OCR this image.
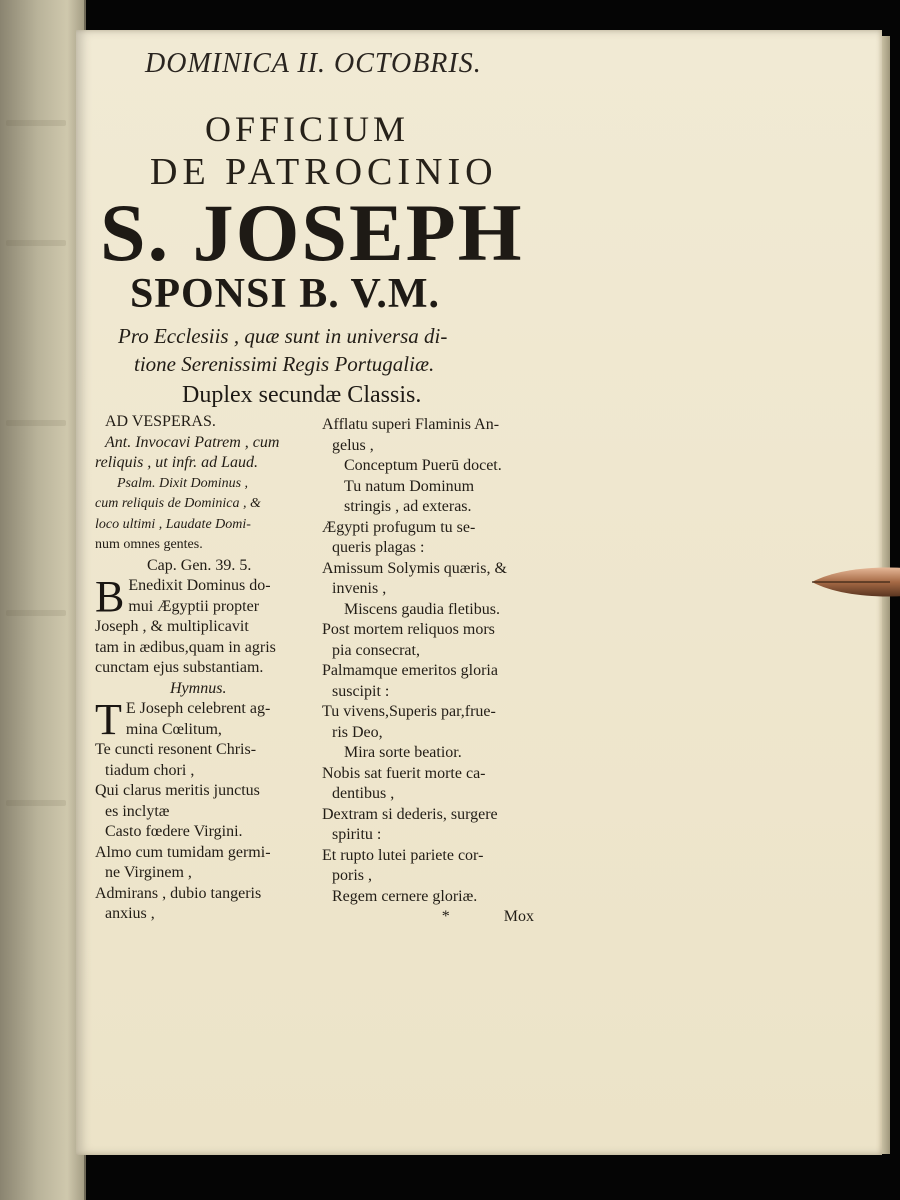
DOMINICA II. OCTOBRIS.
OFFICIUM
DE PATROCINIO
S. JOSEPH
SPONSI B. V.M.
Pro Ecclesiis , quæ sunt in universa di-
tione Serenissimi Regis Portugaliæ.
Duplex secundæ Classis.
AD VESPERAS.
Ant. Invocavi Patrem , cum
reliquis , ut infr. ad Laud.
Psalm. Dixit Dominus ,
cum reliquis de Dominica , &
loco ultimi , Laudate Domi-
num omnes gentes.
Cap. Gen. 39. 5.
B Enedixit Dominus do-
mui Ægyptii propter
Joseph , & multiplicavit
tam in ædibus,quam in agris
cunctam ejus substantiam.
Hymnus.
T E Joseph celebrent ag-
mina Cœlitum,
Te cuncti resonent Chris-
tiadum chori ,
Qui clarus meritis junctus
es inclytæ
Casto fœdere Virgini.
Almo cum tumidam germi-
ne Virginem ,
Admirans , dubio tangeris
anxius ,
Afflatu superi Flaminis An-
gelus ,
Conceptum Puerū docet.
Tu natum Dominum
stringis , ad exteras.
Ægypti profugum tu se-
queris plagas :
Amissum Solymis quæris, &
invenis ,
Miscens gaudia fletibus.
Post mortem reliquos mors
pia consecrat,
Palmamque emeritos gloria
suscipit :
Tu vivens,Superis par,frue-
ris Deo,
Mira sorte beatior.
Nobis sat fuerit morte ca-
dentibus ,
Dextram si dederis, surgere
spiritu :
Et rupto lutei pariete cor-
poris ,
Regem cernere gloriæ.
*	Mox
